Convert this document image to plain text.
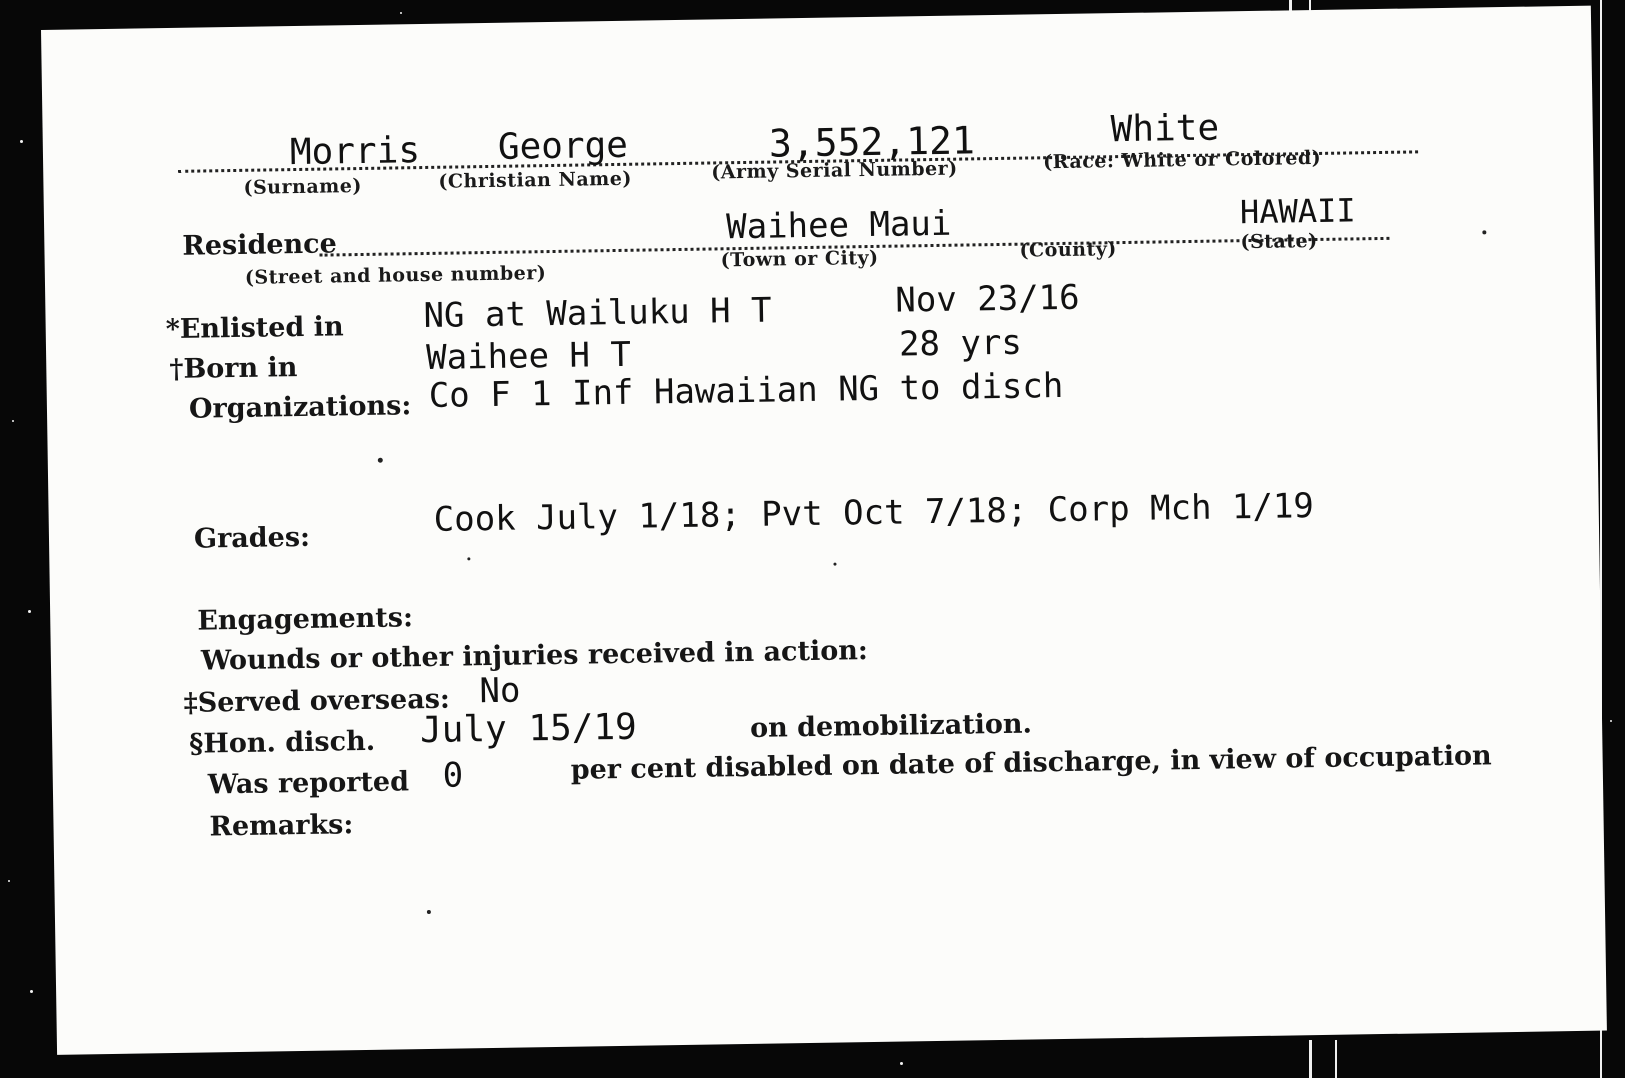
Morris George	3,552,121	White
(Surname)	(Christian Name)	(Army Serial Number)	(Race: White or Colored)
Residence	Waihee Maui	HAWAII
(Street and house number)
(Town or City)	(County)	(State)
*Enlisted in NG at Wailuku H T	Nov 23/16
†Born in	Waihee H T	28 yrs
Organizations: Co F 1 Inf Hawaiian NG to disch
Grades:	Cook July 1/18; Pvt Oct 7/18; Corp Mch 1/19
Engagements:
Wounds or other injuries received in action:
‡Served overseas: No
§Hon. disch. July 15/19	on demobilization.
Was reported 0	per cent disabled on date of discharge, in view of occupation
Remarks:
